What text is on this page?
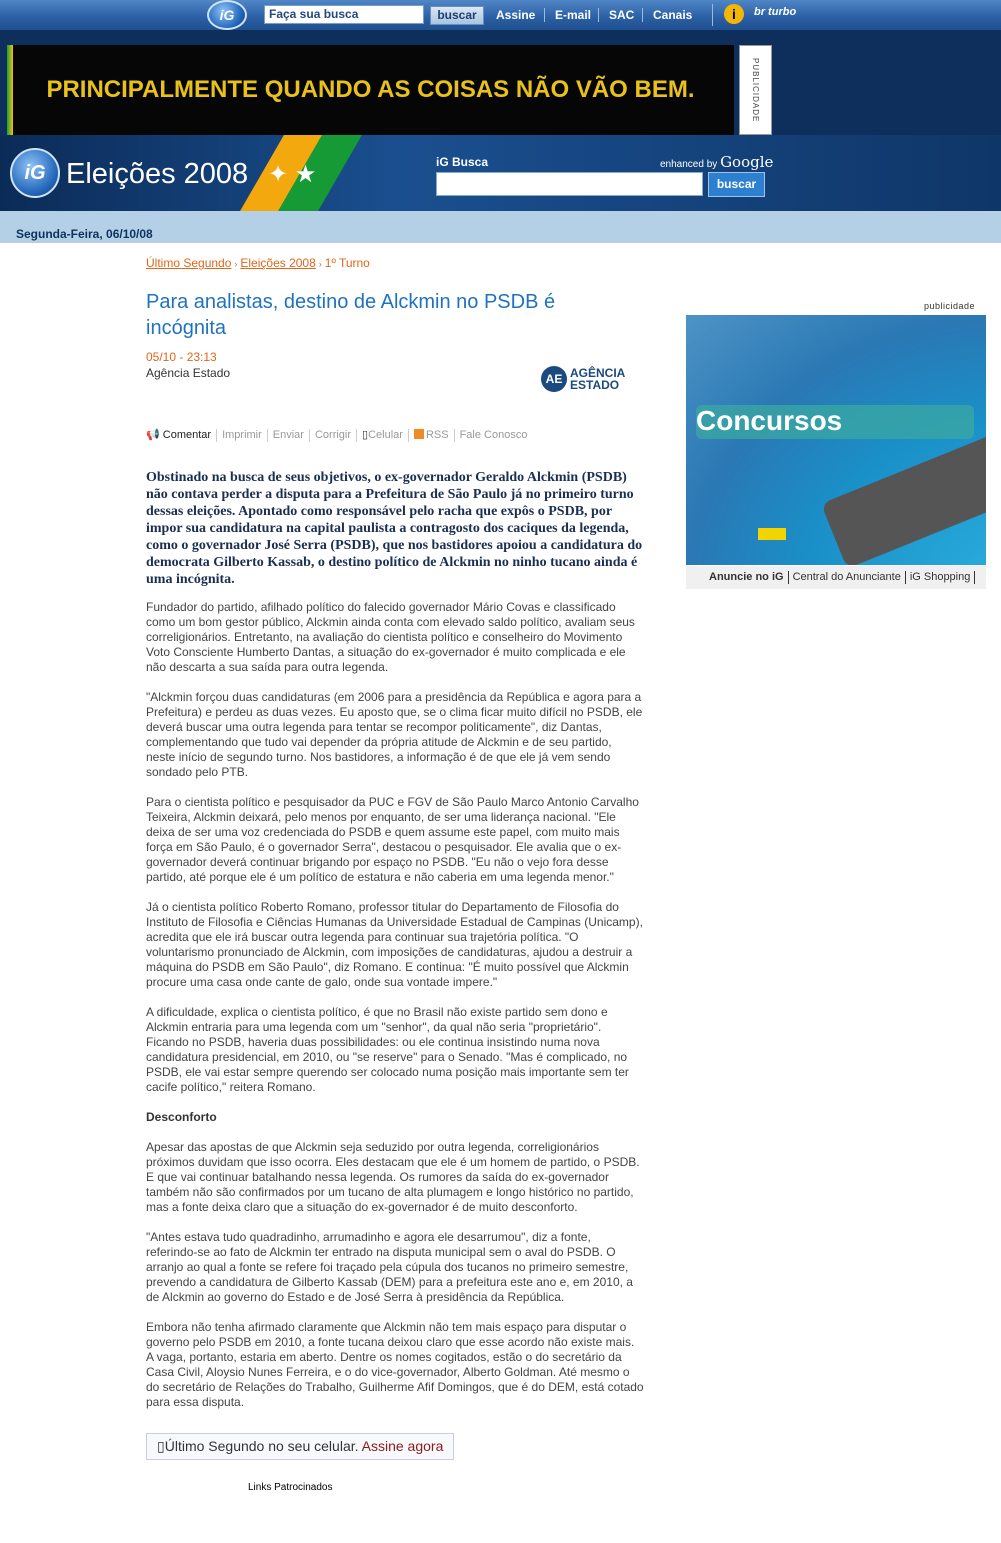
iG	Faça sua busca	buscar	Assine E-mail SAC Canais	i	br turbo
PRINCIPALMENTE QUANDO AS COISAS NÃO VÃO BEM.	PUBLICIDADE
✦ ★
iG Eleições 2008	iG Busca	enhanced by Google
buscar
Segunda-Feira, 06/10/08
Último Segundo › Eleições 2008 › 1º Turno
Para analistas, destino de Alckmin no PSDB é incógnita
05/10 - 23:13
Agência Estado	AE AGÊNCIA
ESTADO
📢 Comentar	Imprimir	Enviar	Corrigir	▯Celular	RSS	Fale Conosco
Obstinado na busca de seus objetivos, o ex-governador Geraldo Alckmin (PSDB) não contava perder a disputa para a Prefeitura de São Paulo já no primeiro turno dessas eleições. Apontado como responsável pelo racha que expôs o PSDB, por impor sua candidatura na capital paulista a contragosto dos caciques da legenda, como o governador José Serra (PSDB), que nos bastidores apoiou a candidatura do democrata Gilberto Kassab, o destino político de Alckmin no ninho tucano ainda é uma incógnita.

Fundador do partido, afilhado político do falecido governador Mário Covas e classificado como um bom gestor público, Alckmin ainda conta com elevado saldo político, avaliam seus correligionários. Entretanto, na avaliação do cientista político e conselheiro do Movimento Voto Consciente Humberto Dantas, a situação do ex-governador é muito complicada e ele não descarta a sua saída para outra legenda.

"Alckmin forçou duas candidaturas (em 2006 para a presidência da República e agora para a Prefeitura) e perdeu as duas vezes. Eu aposto que, se o clima ficar muito difícil no PSDB, ele deverá buscar uma outra legenda para tentar se recompor politicamente", diz Dantas, complementando que tudo vai depender da própria atitude de Alckmin e de seu partido, neste início de segundo turno. Nos bastidores, a informação é de que ele já vem sendo sondado pelo PTB.

Para o cientista político e pesquisador da PUC e FGV de São Paulo Marco Antonio Carvalho Teixeira, Alckmin deixará, pelo menos por enquanto, de ser uma liderança nacional. "Ele deixa de ser uma voz credenciada do PSDB e quem assume este papel, com muito mais força em São Paulo, é o governador Serra", destacou o pesquisador. Ele avalia que o ex-governador deverá continuar brigando por espaço no PSDB. "Eu não o vejo fora desse partido, até porque ele é um político de estatura e não caberia em uma legenda menor."

Já o cientista político Roberto Romano, professor titular do Departamento de Filosofia do Instituto de Filosofia e Ciências Humanas da Universidade Estadual de Campinas (Unicamp), acredita que ele irá buscar outra legenda para continuar sua trajetória política. "O voluntarismo pronunciado de Alckmin, com imposições de candidaturas, ajudou a destruir a máquina do PSDB em São Paulo", diz Romano. E continua: "É muito possível que Alckmin procure uma casa onde cante de galo, onde sua vontade impere."

A dificuldade, explica o cientista político, é que no Brasil não existe partido sem dono e Alckmin entraria para uma legenda com um "senhor", da qual não seria "proprietário". Ficando no PSDB, haveria duas possibilidades: ou ele continua insistindo numa nova candidatura presidencial, em 2010, ou "se reserve" para o Senado. "Mas é complicado, no PSDB, ele vai estar sempre querendo ser colocado numa posição mais importante sem ter cacife político," reitera Romano.

Desconforto

Apesar das apostas de que Alckmin seja seduzido por outra legenda, correligionários próximos duvidam que isso ocorra. Eles destacam que ele é um homem de partido, o PSDB. E que vai continuar batalhando nessa legenda. Os rumores da saída do ex-governador também não são confirmados por um tucano de alta plumagem e longo histórico no partido, mas a fonte deixa claro que a situação do ex-governador é de muito desconforto.

"Antes estava tudo quadradinho, arrumadinho e agora ele desarrumou", diz a fonte, referindo-se ao fato de Alckmin ter entrado na disputa municipal sem o aval do PSDB. O arranjo ao qual a fonte se refere foi traçado pela cúpula dos tucanos no primeiro semestre, prevendo a candidatura de Gilberto Kassab (DEM) para a prefeitura este ano e, em 2010, a de Alckmin ao governo do Estado e de José Serra à presidência da República.

Embora não tenha afirmado claramente que Alckmin não tem mais espaço para disputar o governo pelo PSDB em 2010, a fonte tucana deixou claro que esse acordo não existe mais. A vaga, portanto, estaria em aberto. Dentre os nomes cogitados, estão o do secretário da Casa Civil, Aloysio Nunes Ferreira, e o do vice-governador, Alberto Goldman. Até mesmo o do secretário de Relações do Trabalho, Guilherme Afif Domingos, que é do DEM, está cotado para essa disputa.

▯Último Segundo no seu celular. Assine agora
Links Patrocinados
publicidade
Concursos
Anuncie no iG Central do Anunciante iG Shopping
